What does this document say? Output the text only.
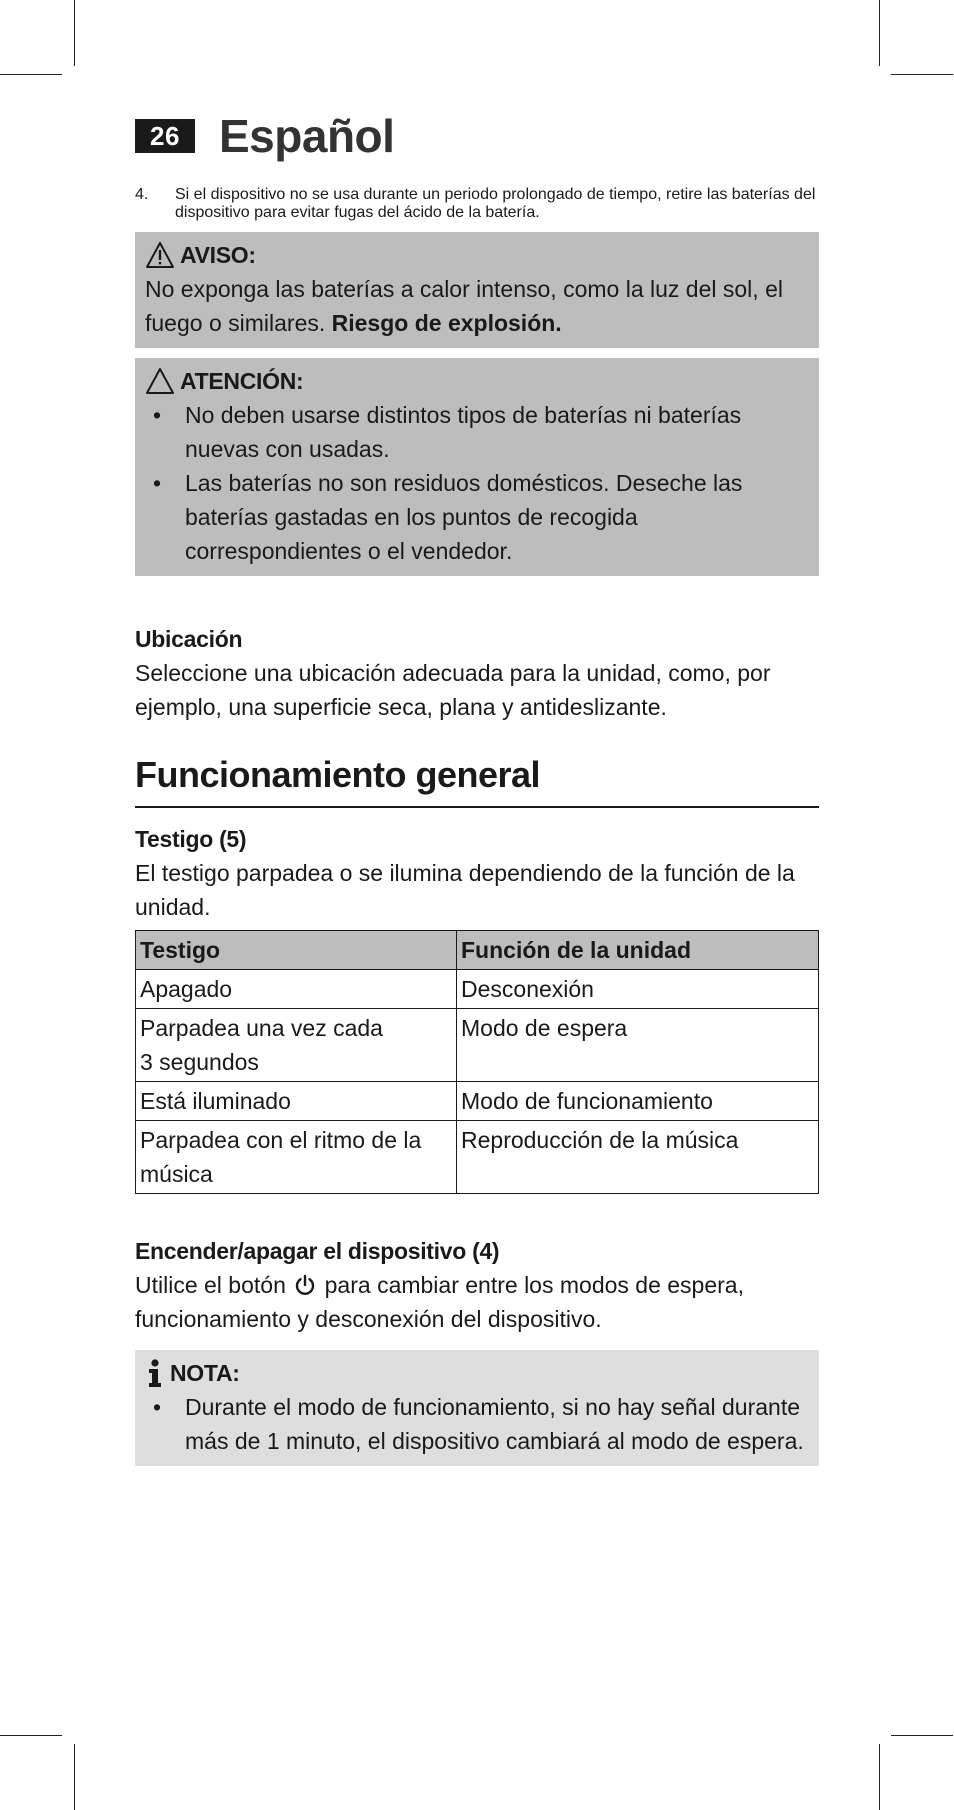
26 Español
4.	Si el dispositivo no se usa durante un periodo prolongado de tiempo, retire las baterías del dispositivo para evitar fugas del ácido de la batería.
AVISO:

No exponga las baterías a calor intenso, como la luz del sol, el fuego o similares. Riesgo de explosión.

ATENCIÓN:
•	No deben usarse distintos tipos de baterías ni baterías nuevas con usadas.
•	Las baterías no son residuos domésticos. Deseche las baterías gastadas en los puntos de recogida correspondientes o el vendedor.

Ubicación

Seleccione una ubicación adecuada para la unidad, como, por ejemplo, una superficie seca, plana y antideslizante.

Funcionamiento general

Testigo (5)

El testigo parpadea o se ilumina dependiendo de la función de la unidad.

Testigo	Función de la unidad
Apagado	Desconexión
Parpadea una vez cada 3 segundos	Modo de espera
Está iluminado	Modo de funcionamiento
Parpadea con el ritmo de la música	Reproducción de la música

Encender/apagar el dispositivo (4)

Utilice el botón para cambiar entre los modos de espera, funcionamiento y desconexión del dispositivo.

NOTA:
•	Durante el modo de funcionamiento, si no hay señal durante más de 1 minuto, el dispositivo cambiará al modo de espera.
